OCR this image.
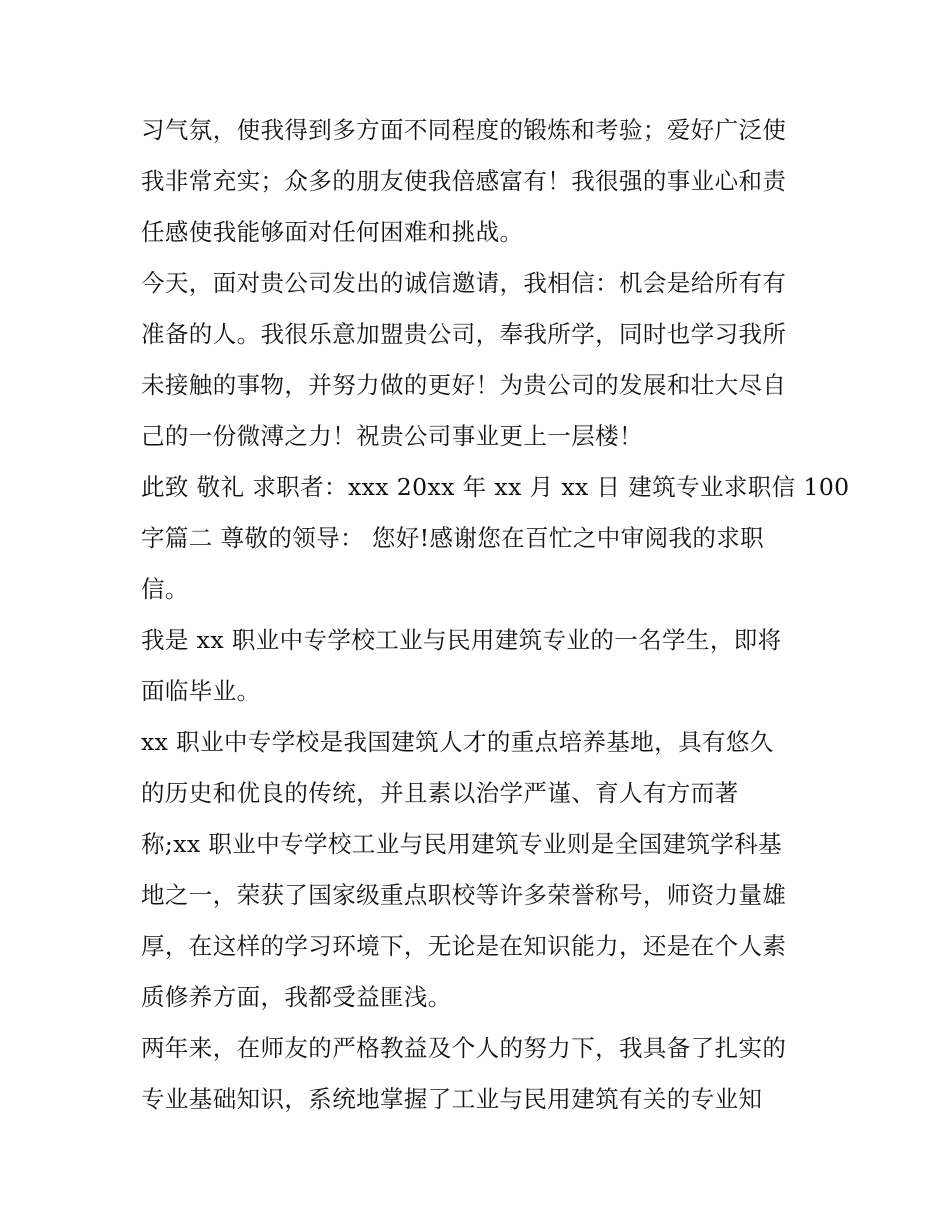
习气氛，使我得到多方面不同程度的锻炼和考验；爱好广泛使
我非常充实；众多的朋友使我倍感富有！我很强的事业心和责
任感使我能够面对任何困难和挑战。
今天，面对贵公司发出的诚信邀请，我相信：机会是给所有有
准备的人。我很乐意加盟贵公司，奉我所学，同时也学习我所
未接触的事物，并努力做的更好！为贵公司的发展和壮大尽自
己的一份微溥之力！祝贵公司事业更上一层楼！
此致 敬礼 求职者：xxx 20xx 年 xx 月 xx 日 建筑专业求职信 100
字篇二 尊敬的领导： 您好!感谢您在百忙之中审阅我的求职
信。
我是 xx 职业中专学校工业与民用建筑专业的一名学生，即将
面临毕业。
xx 职业中专学校是我国建筑人才的重点培养基地，具有悠久
的历史和优良的传统，并且素以治学严谨、育人有方而著
称;xx 职业中专学校工业与民用建筑专业则是全国建筑学科基
地之一，荣获了国家级重点职校等许多荣誉称号，师资力量雄
厚，在这样的学习环境下，无论是在知识能力，还是在个人素
质修养方面，我都受益匪浅。
两年来，在师友的严格教益及个人的努力下，我具备了扎实的
专业基础知识，系统地掌握了工业与民用建筑有关的专业知
